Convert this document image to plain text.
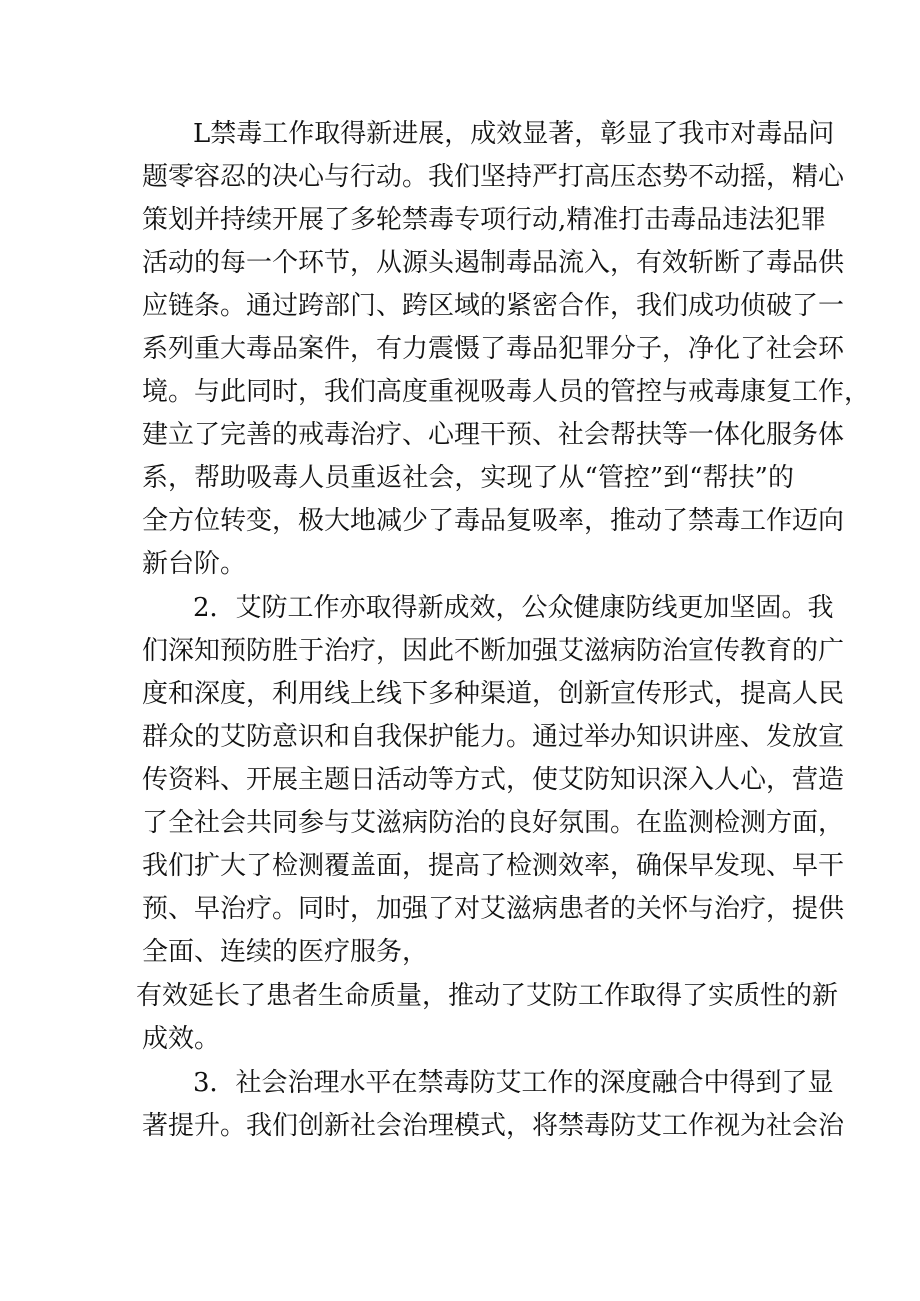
L禁毒工作取得新进展，成效显著，彰显了我市对毒品问
题零容忍的决心与行动。我们坚持严打高压态势不动摇，精心
策划并持续开展了多轮禁毒专项行动,精准打击毒品违法犯罪
活动的每一个环节，从源头遏制毒品流入，有效斩断了毒品供
应链条。通过跨部门、跨区域的紧密合作，我们成功侦破了一
系列重大毒品案件，有力震慑了毒品犯罪分子，净化了社会环
境。与此同时，我们高度重视吸毒人员的管控与戒毒康复工作，
建立了完善的戒毒治疗、心理干预、社会帮扶等一体化服务体
系，帮助吸毒人员重返社会，实现了从“管控”到“帮扶”的
全方位转变，极大地减少了毒品复吸率，推动了禁毒工作迈向
新台阶。
2．艾防工作亦取得新成效，公众健康防线更加坚固。我
们深知预防胜于治疗，因此不断加强艾滋病防治宣传教育的广
度和深度，利用线上线下多种渠道，创新宣传形式，提高人民
群众的艾防意识和自我保护能力。通过举办知识讲座、发放宣
传资料、开展主题日活动等方式，使艾防知识深入人心，营造
了全社会共同参与艾滋病防治的良好氛围。在监测检测方面，
我们扩大了检测覆盖面，提高了检测效率，确保早发现、早干
预、早治疗。同时，加强了对艾滋病患者的关怀与治疗，提供
全面、连续的医疗服务，
有效延长了患者生命质量，推动了艾防工作取得了实质性的新
成效。
3．社会治理水平在禁毒防艾工作的深度融合中得到了显
著提升。我们创新社会治理模式，将禁毒防艾工作视为社会治
